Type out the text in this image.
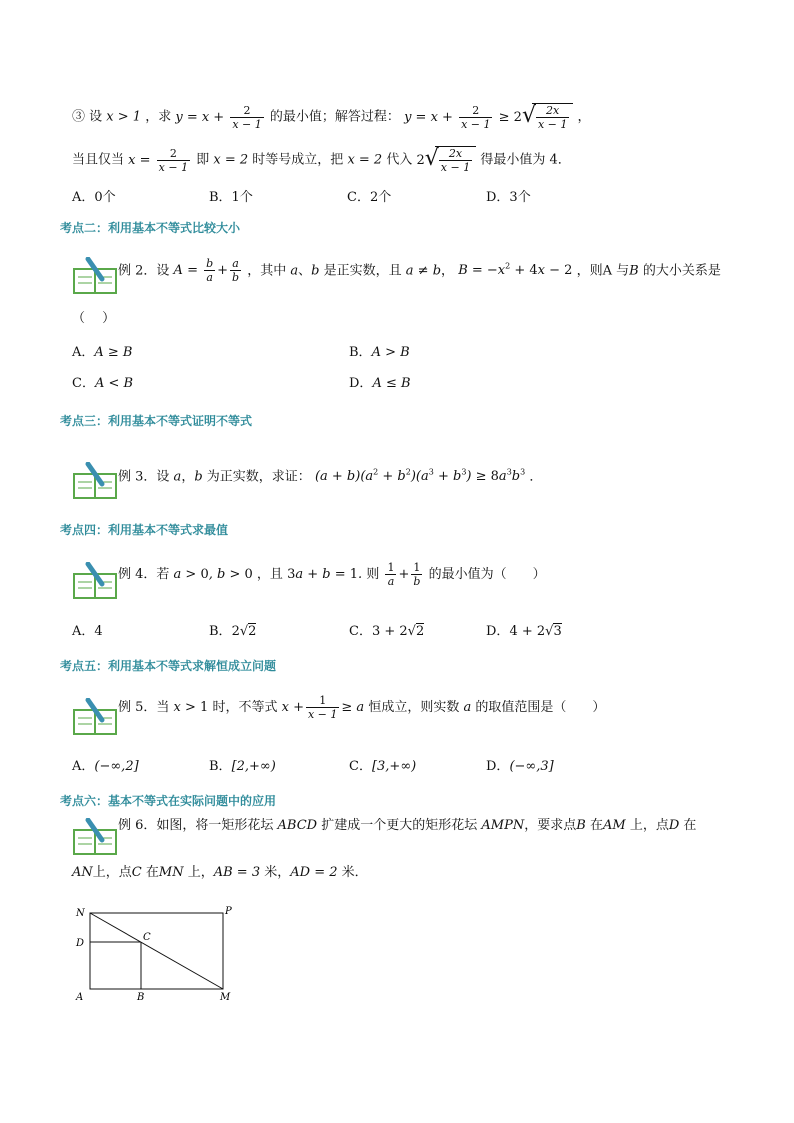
③ 设 x > 1 ，求 $y = x + \frac{2}{x - 1}$ 的最小值；解答过程： $y = x + \frac{2}{x - 1} \ge 2$ √ $\frac{2x}{x - 1}$ ，
当且仅当 $x = \frac{2}{x - 1}$ 即 x = 2 时等号成立，把 x = 2 代入 2 √ $\frac{2x}{x - 1}$ 得最小值为 4．
A．0个	B．1个	C．2个	D．3个
考点二：利用基本不等式比较大小
例 2．设 $A = \frac{b}{a} + \frac{a}{b}$ ，其中 a、b 是正实数，且 a ≠ b， $B = -x^2 + 4x - 2$ ，则A 与B 的大小关系是
（　 ）
A．A ≥ B	B．A > B
C．A < B	D．A ≤ B
考点三：利用基本不等式证明不等式
例 3．设 a，b 为正实数，求证： $(a + b)(a^2 + b^2)(a^3 + b^3) \ge 8a^3b^3$ ．
考点四：利用基本不等式求最值
例 4．若 a > 0, b > 0 ，且 3a + b = 1. 则 $\frac{1}{a} + \frac{1}{b}$ 的最小值为（　　）
A．4	B．2√2	C．3 + 2√2	D．4 + 2√3
考点五：利用基本不等式求解恒成立问题
例 5．当 x > 1 时，不等式 $x + \frac{1}{x - 1} \ge a$ 恒成立，则实数 a 的取值范围是（　　）
A．(−∞,2]	B．[2,+∞)	C．[3,+∞)	D．(−∞,3]
考点六：基本不等式在实际问题中的应用
例 6．如图，将一矩形花坛 ABCD 扩建成一个更大的矩形花坛 AMPN，要求点B 在AM 上，点D 在
AN上，点C 在MN 上，AB = 3 米，AD = 2 米．
N	P
D
C
A	B	M
